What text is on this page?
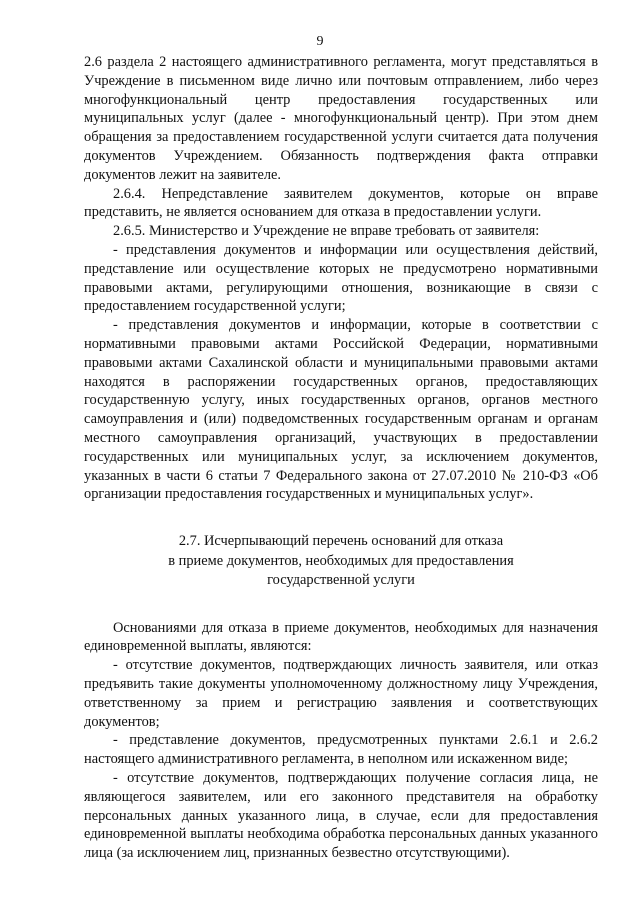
9

2.6 раздела 2 настоящего административного регламента, могут представляться в Учреждение в письменном виде лично или почтовым отправлением, либо через многофункциональный центр предоставления государственных или муниципальных услуг (далее - многофункциональный центр). При этом днем обращения за предоставлением государственной услуги считается дата получения документов Учреждением. Обязанность подтверждения факта отправки документов лежит на заявителе.

2.6.4. Непредставление заявителем документов, которые он вправе представить, не является основанием для отказа в предоставлении услуги.

2.6.5. Министерство и Учреждение не вправе требовать от заявителя:

- представления документов и информации или осуществления действий, представление или осуществление которых не предусмотрено нормативными правовыми актами, регулирующими отношения, возникающие в связи с предоставлением государственной услуги;

- представления документов и информации, которые в соответствии с нормативными правовыми актами Российской Федерации, нормативными правовыми актами Сахалинской области и муниципальными правовыми актами находятся в распоряжении государственных органов, предоставляющих государственную услугу, иных государственных органов, органов местного самоуправления и (или) подведомственных государственным органам и органам местного самоуправления организаций, участвующих в предоставлении государственных или муниципальных услуг, за исключением документов, указанных в части 6 статьи 7 Федерального закона от 27.07.2010 № 210-ФЗ «Об организации предоставления государственных и муниципальных услуг».

2.7. Исчерпывающий перечень оснований для отказа
в приеме документов, необходимых для предоставления
государственной услуги

Основаниями для отказа в приеме документов, необходимых для назначения единовременной выплаты, являются:

- отсутствие документов, подтверждающих личность заявителя, или отказ предъявить такие документы уполномоченному должностному лицу Учреждения, ответственному за прием и регистрацию заявления и соответствующих документов;

- представление документов, предусмотренных пунктами 2.6.1 и 2.6.2 настоящего административного регламента, в неполном или искаженном виде;

- отсутствие документов, подтверждающих получение согласия лица, не являющегося заявителем, или его законного представителя на обработку персональных данных указанного лица, в случае, если для предоставления единовременной выплаты необходима обработка персональных данных указанного лица (за исключением лиц, признанных безвестно отсутствующими).
